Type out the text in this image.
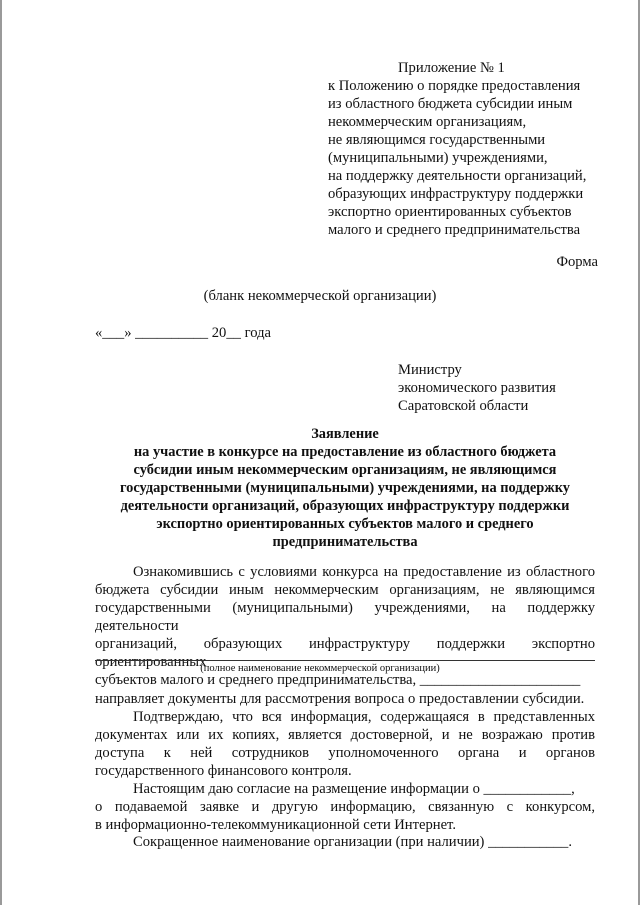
Приложение № 1
к Положению о порядке предоставления
из областного бюджета субсидии иным
некоммерческим организациям,
не являющимся государственными
(муниципальными) учреждениями,
на поддержку деятельности организаций,
образующих инфраструктуру поддержки
экспортно ориентированных субъектов
малого и среднего предпринимательства
Форма
(бланк некоммерческой организации)
«___» __________ 20__ года
Министру
экономического развития
Саратовской области
Заявление
на участие в конкурсе на предоставление из областного бюджета
субсидии иным некоммерческим организациям, не являющимся
государственными (муниципальными) учреждениями, на поддержку
деятельности организаций, образующих инфраструктуру поддержки
экспортно ориентированных субъектов малого и среднего
предпринимательства
Ознакомившись с условиями конкурса на предоставление из областного
бюджета субсидии иным некоммерческим организациям, не являющимся
государственными (муниципальными) учреждениями, на поддержку деятельности
организаций, образующих инфраструктуру поддержки экспортно ориентированных
субъектов малого и среднего предпринимательства, ______________________
(полное наименование некоммерческой организации)
направляет документы для рассмотрения вопроса о предоставлении субсидии.
Подтверждаю, что вся информация, содержащаяся в представленных
документах или их копиях, является достоверной, и не возражаю против
доступа к ней сотрудников уполномоченного органа и органов
государственного финансового контроля.
Настоящим даю согласие на размещение информации о ____________,
о подаваемой заявке и другую информацию, связанную с конкурсом,
в информационно-телекоммуникационной сети Интернет.
Сокращенное наименование организации (при наличии) ___________.
